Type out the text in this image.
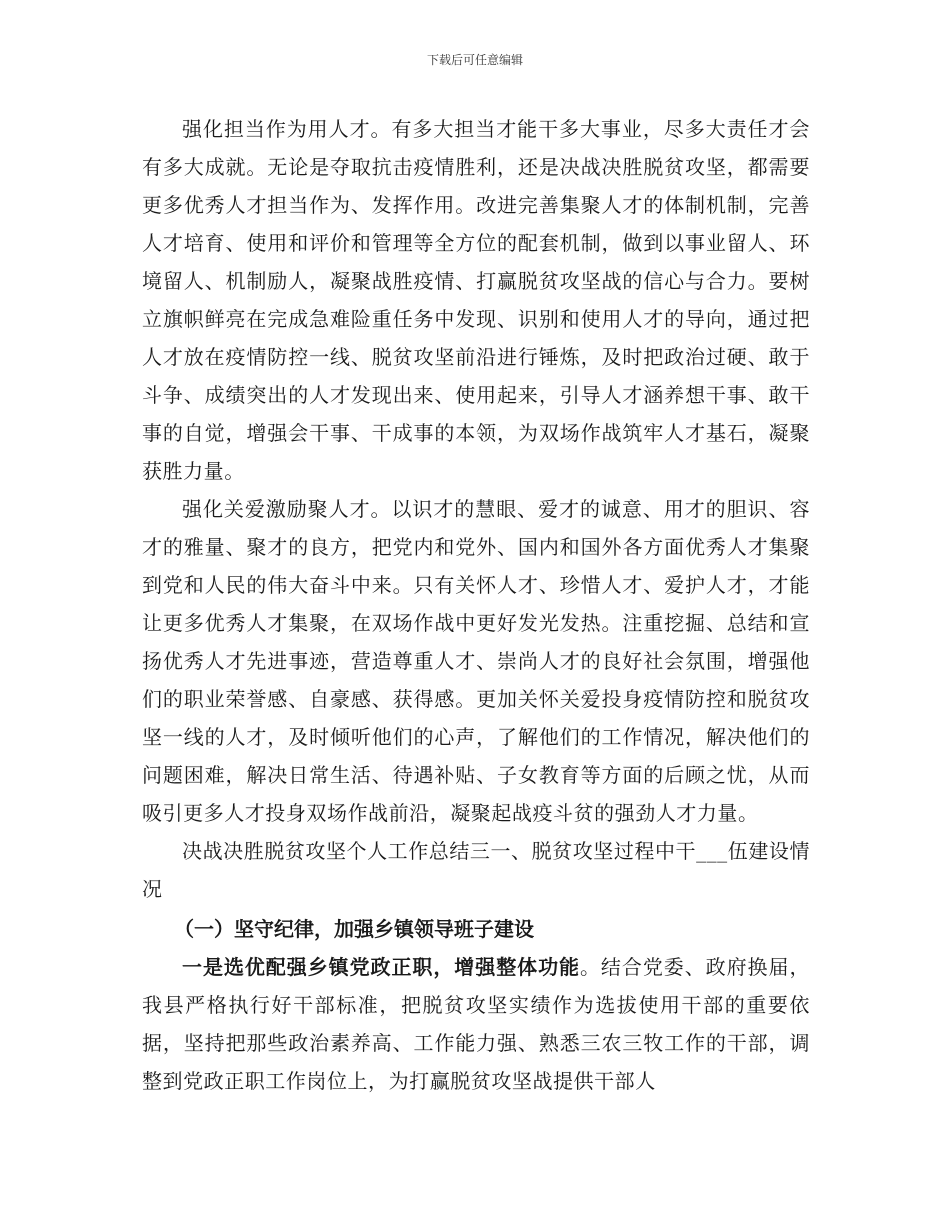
下载后可任意编辑

强化担当作为用人才。有多大担当才能干多大事业，尽多大责任才会有多大成就。无论是夺取抗击疫情胜利，还是决战决胜脱贫攻坚，都需要更多优秀人才担当作为、发挥作用。改进完善集聚人才的体制机制，完善人才培育、使用和评价和管理等全方位的配套机制，做到以事业留人、环境留人、机制励人，凝聚战胜疫情、打赢脱贫攻坚战的信心与合力。要树立旗帜鲜亮在完成急难险重任务中发现、识别和使用人才的导向，通过把人才放在疫情防控一线、脱贫攻坚前沿进行锤炼，及时把政治过硬、敢于斗争、成绩突出的人才发现出来、使用起来，引导人才涵养想干事、敢干事的自觉，增强会干事、干成事的本领，为双场作战筑牢人才基石，凝聚获胜力量。

强化关爱激励聚人才。以识才的慧眼、爱才的诚意、用才的胆识、容才的雅量、聚才的良方，把党内和党外、国内和国外各方面优秀人才集聚到党和人民的伟大奋斗中来。只有关怀人才、珍惜人才、爱护人才，才能让更多优秀人才集聚，在双场作战中更好发光发热。注重挖掘、总结和宣扬优秀人才先进事迹，营造尊重人才、崇尚人才的良好社会氛围，增强他们的职业荣誉感、自豪感、获得感。更加关怀关爱投身疫情防控和脱贫攻坚一线的人才，及时倾听他们的心声，了解他们的工作情况，解决他们的问题困难，解决日常生活、待遇补贴、子女教育等方面的后顾之忧，从而吸引更多人才投身双场作战前沿，凝聚起战疫斗贫的强劲人才力量。

决战决胜脱贫攻坚个人工作总结三一、脱贫攻坚过程中干___伍建设情况

（一）坚守纪律，加强乡镇领导班子建设

一是选优配强乡镇党政正职，增强整体功能。结合党委、政府换届，我县严格执行好干部标准，把脱贫攻坚实绩作为选拔使用干部的重要依据，坚持把那些政治素养高、工作能力强、熟悉三农三牧工作的干部，调整到党政正职工作岗位上，为打赢脱贫攻坚战提供干部人
